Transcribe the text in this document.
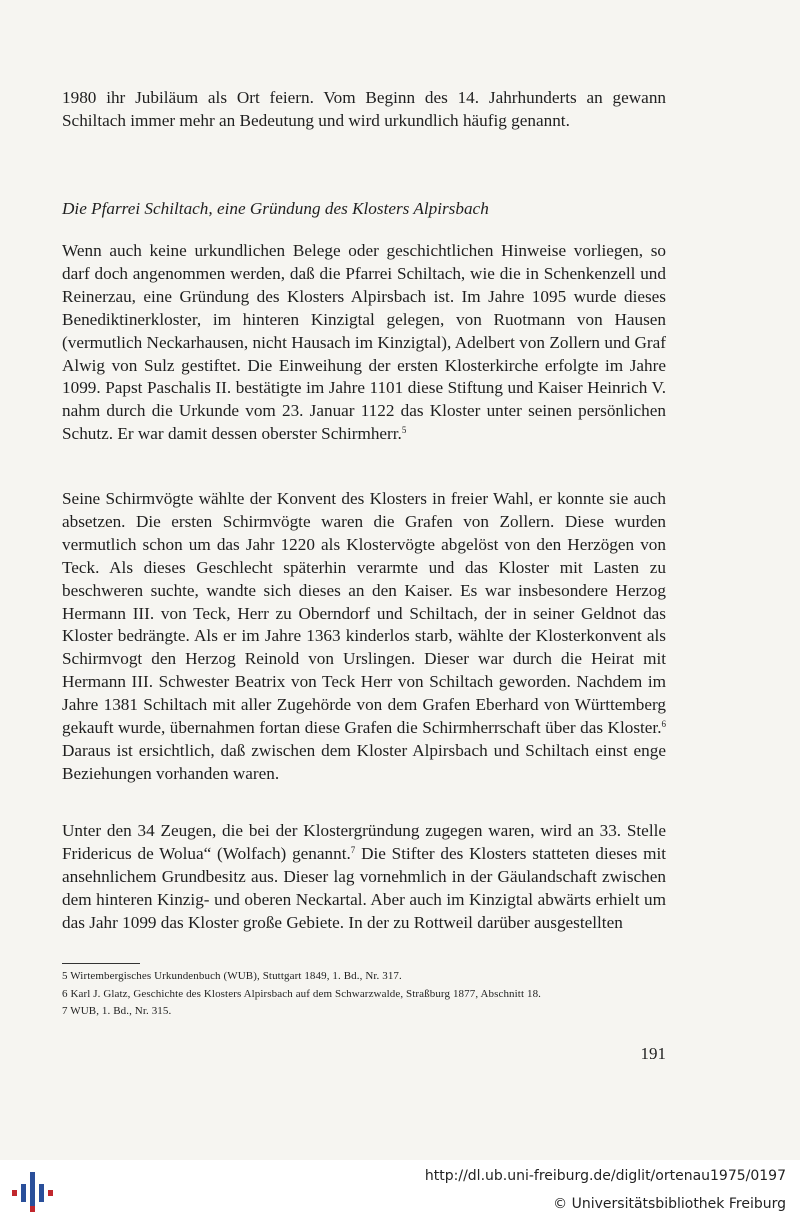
1980 ihr Jubiläum als Ort feiern. Vom Beginn des 14. Jahrhunderts an gewann Schiltach immer mehr an Bedeutung und wird urkundlich häufig genannt.

Die Pfarrei Schiltach, eine Gründung des Klosters Alpirsbach

Wenn auch keine urkundlichen Belege oder geschichtlichen Hinweise vorliegen, so darf doch angenommen werden, daß die Pfarrei Schiltach, wie die in Schenkenzell und Reinerzau, eine Gründung des Klosters Alpirsbach ist. Im Jahre 1095 wurde dieses Benediktinerkloster, im hinteren Kinzigtal gelegen, von Ruotmann von Hausen (vermutlich Neckarhausen, nicht Hausach im Kinzigtal), Adelbert von Zollern und Graf Alwig von Sulz gestiftet. Die Einweihung der ersten Klosterkirche erfolgte im Jahre 1099. Papst Paschalis II. bestätigte im Jahre 1101 diese Stiftung und Kaiser Heinrich V. nahm durch die Urkunde vom 23. Januar 1122 das Kloster unter seinen persönlichen Schutz. Er war damit dessen oberster Schirmherr.$^5$

Seine Schirmvögte wählte der Konvent des Klosters in freier Wahl, er konnte sie auch absetzen. Die ersten Schirmvögte waren die Grafen von Zollern. Diese wurden vermutlich schon um das Jahr 1220 als Klostervögte abgelöst von den Herzögen von Teck. Als dieses Geschlecht späterhin verarmte und das Kloster mit Lasten zu beschweren suchte, wandte sich dieses an den Kaiser. Es war insbesondere Herzog Hermann III. von Teck, Herr zu Oberndorf und Schiltach, der in seiner Geldnot das Kloster bedrängte. Als er im Jahre 1363 kinderlos starb, wählte der Klosterkonvent als Schirmvogt den Herzog Reinold von Urslingen. Dieser war durch die Heirat mit Hermann III. Schwester Beatrix von Teck Herr von Schiltach geworden. Nachdem im Jahre 1381 Schiltach mit aller Zugehörde von dem Grafen Eberhard von Württemberg gekauft wurde, übernahmen fortan diese Grafen die Schirmherrschaft über das Kloster.$^6$ Daraus ist ersichtlich, daß zwischen dem Kloster Alpirsbach und Schiltach einst enge Beziehungen vorhanden waren.

Unter den 34 Zeugen, die bei der Klostergründung zugegen waren, wird an 33. Stelle Fridericus de Wolua“ (Wolfach) genannt.$^7$ Die Stifter des Klosters statteten dieses mit ansehnlichem Grundbesitz aus. Dieser lag vornehmlich in der Gäulandschaft zwischen dem hinteren Kinzig- und oberen Neckartal. Aber auch im Kinzigtal abwärts erhielt um das Jahr 1099 das Kloster große Gebiete. In der zu Rottweil darüber ausgestellten

5 Wirtembergisches Urkundenbuch (WUB), Stuttgart 1849, 1. Bd., Nr. 317.
6 Karl J. Glatz, Geschichte des Klosters Alpirsbach auf dem Schwarzwalde, Straßburg 1877, Abschnitt 18.
7 WUB, 1. Bd., Nr. 315.
191
http://dl.ub.uni-freiburg.de/diglit/ortenau1975/0197
© Universitätsbibliothek Freiburg
